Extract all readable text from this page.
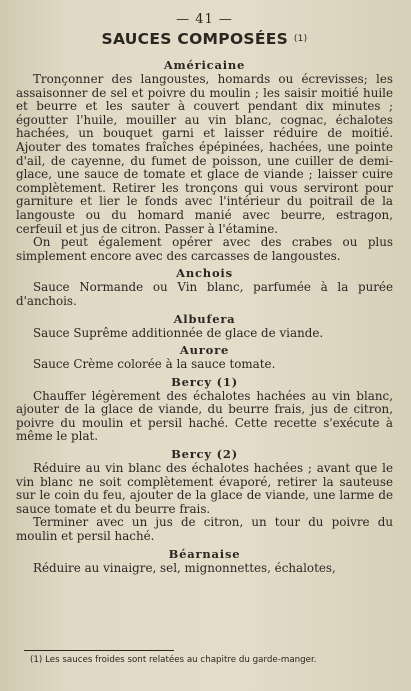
— 41 —
SAUCES COMPOSÉES $^{(1)}$
Américaine

Tronçonner des langoustes, homards ou écrevisses; les assaisonner de sel et poivre du moulin ; les saisir moitié huile et beurre et les sauter à couvert pendant dix minutes ; égoutter l'huile, mouiller au vin blanc, cognac, échalotes hachées, un bouquet garni et laisser réduire de moitié. Ajouter des tomates fraîches épépinées, hachées, une pointe d'ail, de cayenne, du fumet de poisson, une cuiller de demi-glace, une sauce de tomate et glace de viande ; laisser cuire complètement. Retirer les tronçons qui vous serviront pour garniture et lier le fonds avec l'intérieur du poitrail de la langouste ou du homard manié avec beurre, estragon, cerfeuil et jus de citron. Passer à l'étamine.

On peut également opérer avec des crabes ou plus simplement encore avec des carcasses de langoustes.

Anchois

Sauce Normande ou Vin blanc, parfumée à la purée d'anchois.

Albufera

Sauce Suprême additionnée de glace de viande.

Aurore

Sauce Crème colorée à la sauce tomate.

Bercy (1)

Chauffer légèrement des échalotes hachées au vin blanc, ajouter de la glace de viande, du beurre frais, jus de citron, poivre du moulin et persil haché. Cette recette s'exécute à même le plat.

Bercy (2)

Réduire au vin blanc des échalotes hachées ; avant que le vin blanc ne soit complètement évaporé, retirer la sauteuse sur le coin du feu, ajouter de la glace de viande, une larme de sauce tomate et du beurre frais.

Terminer avec un jus de citron, un tour du poivre du moulin et persil haché.

Béarnaise

Réduire au vinaigre, sel, mignonnettes, échalotes,

(1) Les sauces froides sont relatées au chapitre du garde-manger.
